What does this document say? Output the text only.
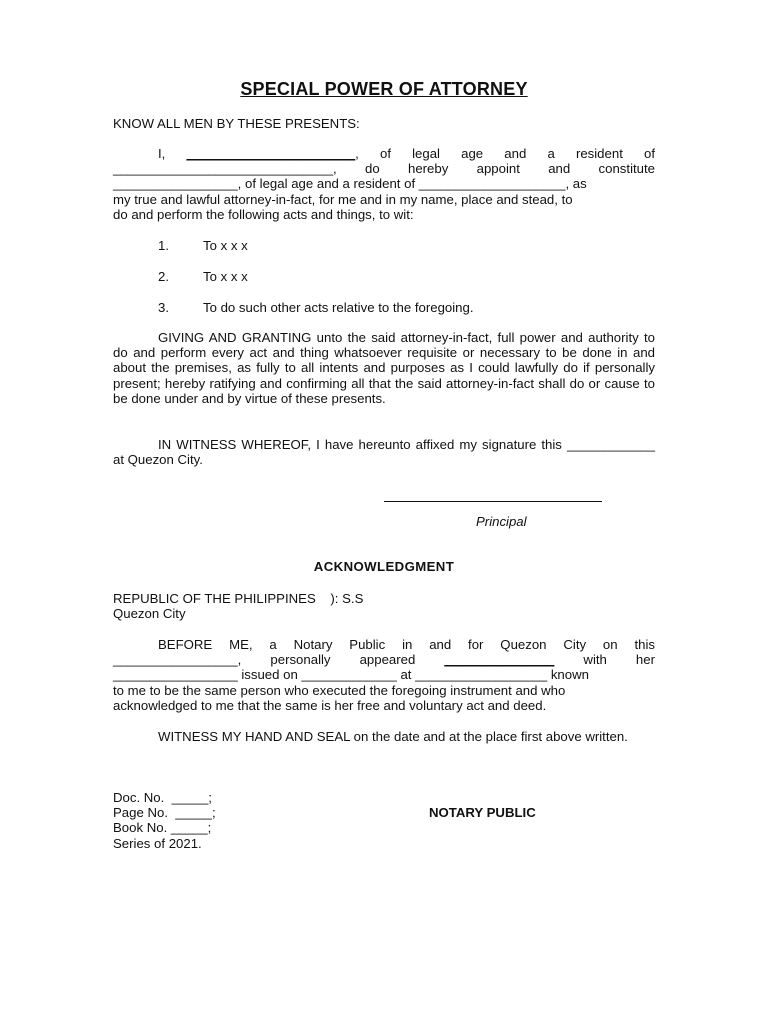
SPECIAL POWER OF ATTORNEY
KNOW ALL MEN BY THESE PRESENTS:
I, _______________________, of legal age and a resident of
______________________________, do hereby appoint and constitute
_________________, of legal age and a resident of ____________________, as
my true and lawful attorney-in-fact, for me and in my name, place and stead, to
do and perform the following acts and things, to wit:
1.	To x x x
2.	To x x x
3.	To do such other acts relative to the foregoing.
GIVING AND GRANTING unto the said attorney-in-fact, full power and authority to do and perform every act and thing whatsoever requisite or necessary to be done in and about the premises, as fully to all intents and purposes as I could lawfully do if personally present; hereby ratifying and confirming all that the said attorney-in-fact shall do or cause to be done under and by virtue of these presents.
IN WITNESS WHEREOF, I have hereunto affixed my signature this ____________ at Quezon City.
Principal
ACKNOWLEDGMENT
REPUBLIC OF THE PHILIPPINES    ): S.S
Quezon City
BEFORE ME, a Notary Public in and for Quezon City on this
_________________, personally appeared _______________ with her
_________________ issued on _____________ at __________________ known
to me to be the same person who executed the foregoing instrument and who
acknowledged to me that the same is her free and voluntary act and deed.
WITNESS MY HAND AND SEAL on the date and at the place first above written.
Doc. No.  _____;
Page No.  _____;
Book No. _____;
Series of 2021.
NOTARY PUBLIC
